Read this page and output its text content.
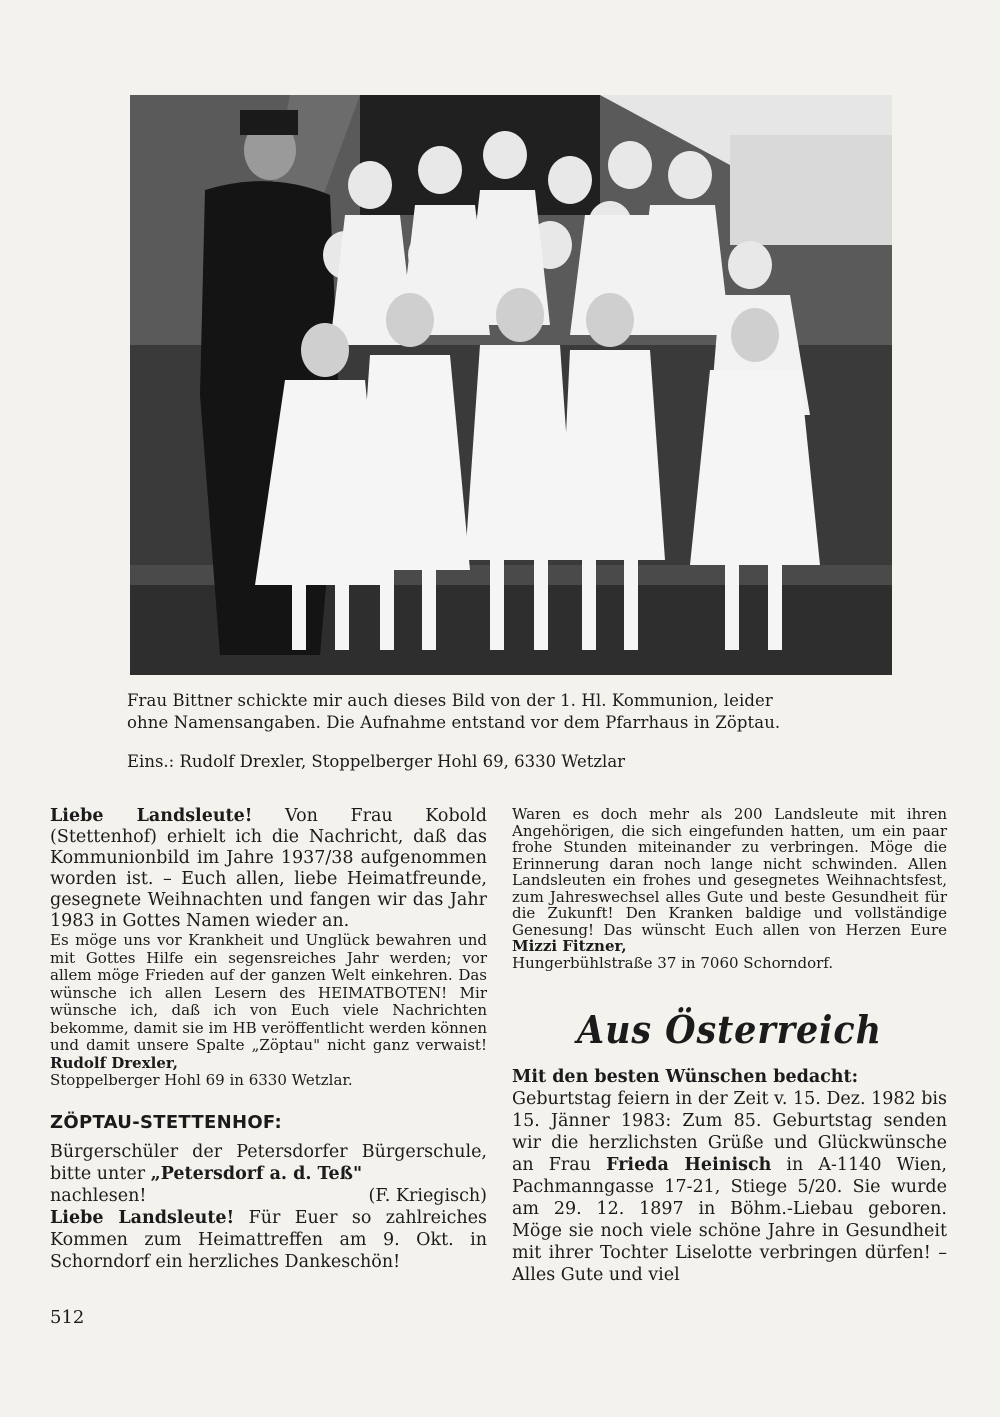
Frau Bittner schickte mir auch dieses Bild von der 1. Hl. Kommunion, leider

ohne Namensangaben. Die Aufnahme entstand vor dem Pfarrhaus in Zöptau.

Eins.: Rudolf Drexler, Stoppelberger Hohl 69, 6330 Wetzlar

Liebe Landsleute! Von Frau Kobold (Stettenhof) erhielt ich die Nachricht, daß das Kommunionbild im Jahre 1937/38 aufgenommen worden ist. – Euch allen, liebe Heimatfreunde, gesegnete Weihnachten und fangen wir das Jahr 1983 in Gottes Namen wieder an.

Es möge uns vor Krankheit und Unglück bewahren und mit Gottes Hilfe ein segensreiches Jahr werden; vor allem möge Frieden auf der ganzen Welt einkehren. Das wünsche ich allen Lesern des HEIMATBOTEN! Mir wünsche ich, daß ich von Euch viele Nachrichten bekomme, damit sie im HB veröffentlicht werden können und damit unsere Spalte „Zöptau" nicht ganz verwaist! Rudolf Drexler,
Stoppelberger Hohl 69 in 6330 Wetzlar.

ZÖPTAU-STETTENHOF:

Bürgerschüler der Petersdorfer Bürgerschule, bitte unter „Petersdorf a. d. Teß"

nachlesen!	(F. Kriegisch)

Liebe Landsleute! Für Euer so zahlreiches Kommen zum Heimattreffen am 9. Okt. in Schorndorf ein herzliches Dankeschön!

Waren es doch mehr als 200 Landsleute mit ihren Angehörigen, die sich eingefunden hatten, um ein paar frohe Stunden miteinander zu verbringen. Möge die Erinnerung daran noch lange nicht schwinden. Allen Landsleuten ein frohes und gesegnetes Weihnachtsfest, zum Jahreswechsel alles Gute und beste Gesundheit für die Zukunft! Den Kranken baldige und vollständige Genesung! Das wünscht Euch allen von Herzen Eure Mizzi Fitzner,
Hungerbühlstraße 37 in 7060 Schorndorf.

Aus Österreich
Mit den besten Wünschen bedacht:

Geburtstag feiern in der Zeit v. 15. Dez. 1982 bis 15. Jänner 1983: Zum 85. Geburtstag senden wir die herzlichsten Grüße und Glückwünsche an Frau Frieda Heinisch in A-1140 Wien, Pachmanngasse 17-21, Stiege 5/20. Sie wurde am 29. 12. 1897 in Böhm.-Liebau geboren. Möge sie noch viele schöne Jahre in Gesundheit mit ihrer Tochter Liselotte verbringen dürfen! – Alles Gute und viel

512
